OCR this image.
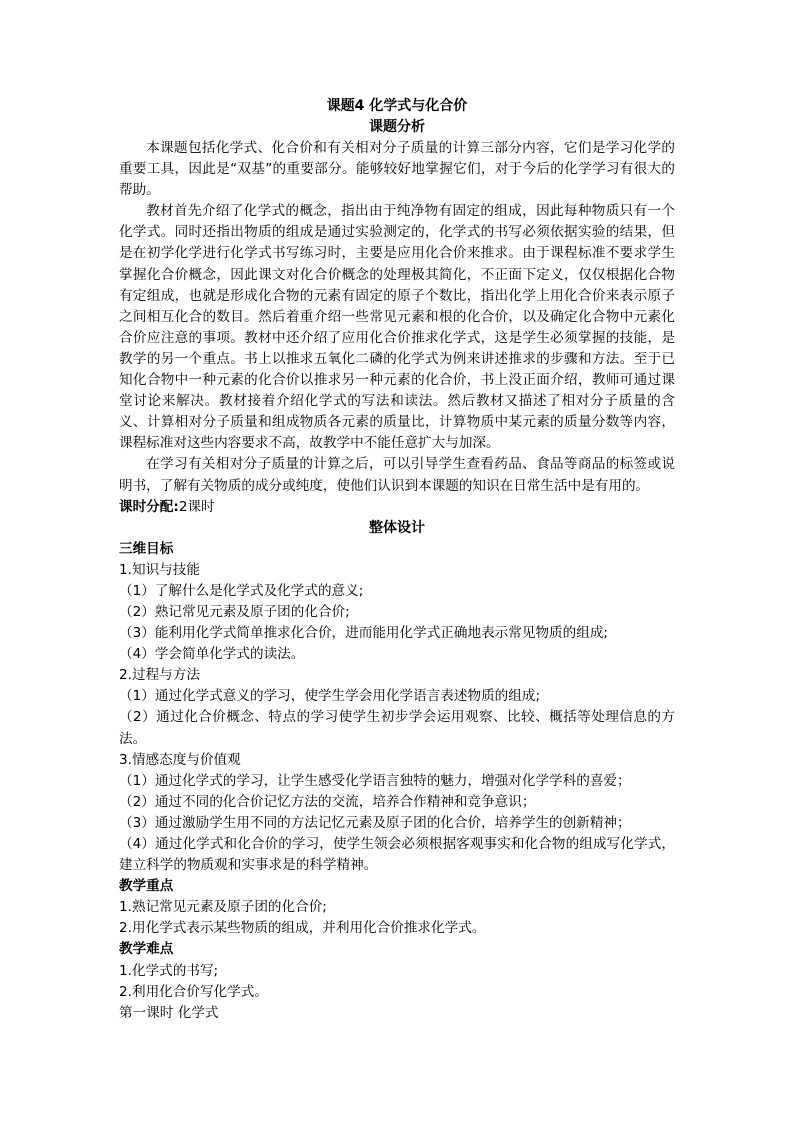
课题4 化学式与化合价
课题分析

本课题包括化学式、化合价和有关相对分子质量的计算三部分内容，它们是学习化学的重要工具，因此是“双基”的重要部分。能够较好地掌握它们，对于今后的化学学习有很大的帮助。

教材首先介绍了化学式的概念，指出由于纯净物有固定的组成，因此每种物质只有一个化学式。同时还指出物质的组成是通过实验测定的，化学式的书写必须依据实验的结果，但是在初学化学进行化学式书写练习时，主要是应用化合价来推求。由于课程标准不要求学生掌握化合价概念，因此课文对化合价概念的处理极其简化，不正面下定义，仅仅根据化合物有定组成，也就是形成化合物的元素有固定的原子个数比，指出化学上用化合价来表示原子之间相互化合的数目。然后着重介绍一些常见元素和根的化合价，以及确定化合物中元素化合价应注意的事项。教材中还介绍了应用化合价推求化学式，这是学生必须掌握的技能，是教学的另一个重点。书上以推求五氧化二磷的化学式为例来讲述推求的步骤和方法。至于已知化合物中一种元素的化合价以推求另一种元素的化合价，书上没正面介绍，教师可通过课堂讨论来解决。教材接着介绍化学式的写法和读法。然后教材又描述了相对分子质量的含义、计算相对分子质量和组成物质各元素的质量比，计算物质中某元素的质量分数等内容，课程标准对这些内容要求不高，故教学中不能任意扩大与加深。

在学习有关相对分子质量的计算之后，可以引导学生查看药品、食品等商品的标签或说明书，了解有关物质的成分或纯度，使他们认识到本课题的知识在日常生活中是有用的。

课时分配:2课时

整体设计

三维目标

1.知识与技能

（1）了解什么是化学式及化学式的意义;

（2）熟记常见元素及原子团的化合价;

（3）能利用化学式简单推求化合价，进而能用化学式正确地表示常见物质的组成;

（4）学会简单化学式的读法。

2.过程与方法

（1）通过化学式意义的学习，使学生学会用化学语言表述物质的组成;

（2）通过化合价概念、特点的学习使学生初步学会运用观察、比较、概括等处理信息的方法。

3.情感态度与价值观

（1）通过化学式的学习，让学生感受化学语言独特的魅力，增强对化学学科的喜爱；

（2）通过不同的化合价记忆方法的交流，培养合作精神和竞争意识；

（3）通过激励学生用不同的方法记忆元素及原子团的化合价，培养学生的创新精神；

（4）通过化学式和化合价的学习，使学生领会必须根据客观事实和化合物的组成写化学式，建立科学的物质观和实事求是的科学精神。

教学重点

1.熟记常见元素及原子团的化合价;

2.用化学式表示某些物质的组成，并利用化合价推求化学式。

教学难点

1.化学式的书写;

2.利用化合价写化学式。

第一课时 化学式
